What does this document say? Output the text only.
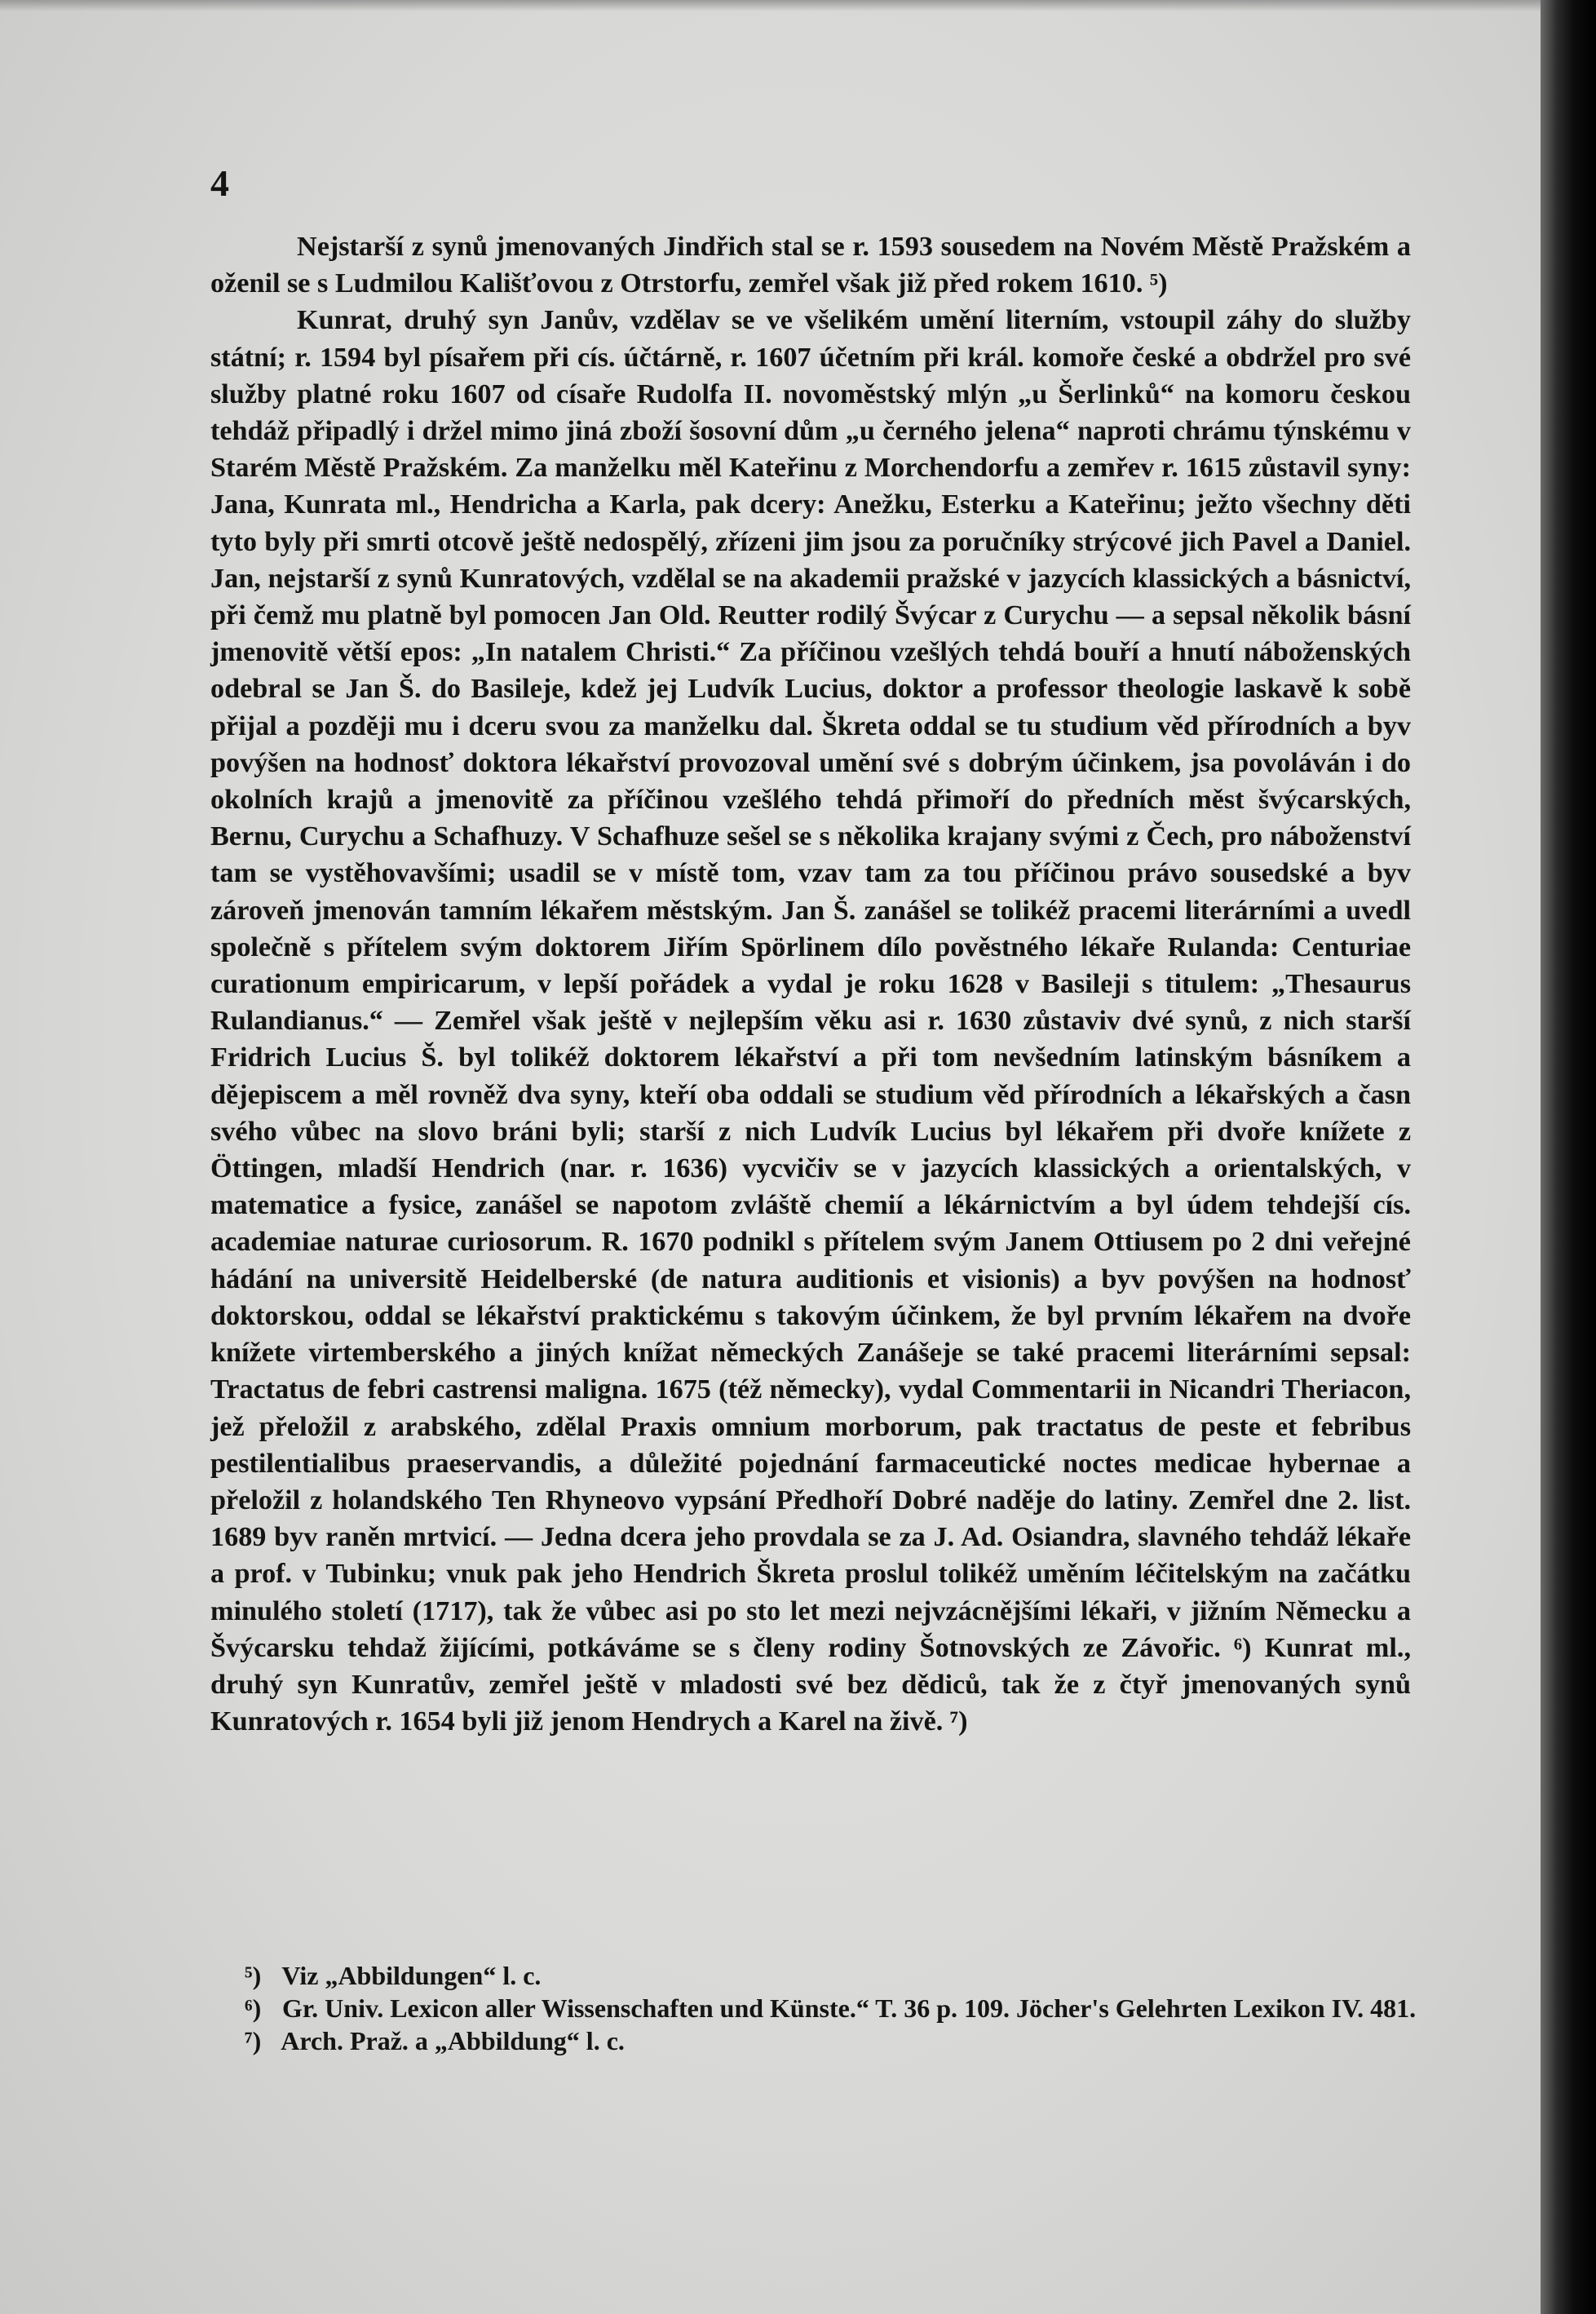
4

Nejstarší z synů jmenovaných Jindřich stal se r. 1593 sousedem na Novém Městě Pražském a oženil se s Ludmilou Kališťovou z Otrstorfu, zemřel však již před rokem 1610. ⁵)

Kunrat, druhý syn Janův, vzdělav se ve všelikém umění literním, vstoupil záhy do služby státní; r. 1594 byl písařem při cís. účtárně, r. 1607 účetním při král. komoře české a obdržel pro své služby platné roku 1607 od císaře Rudolfa II. novoměstský mlýn „u Šerlinků“ na komoru českou tehdáž připadlý i držel mimo jiná zboží šosovní dům „u černého jelena“ naproti chrámu týnskému v Starém Městě Pražském. Za manželku měl Kateřinu z Morchendorfu a zemřev r. 1615 zůstavil syny: Jana, Kunrata ml., Hendricha a Karla, pak dcery: Anežku, Esterku a Kateřinu; ježto všechny děti tyto byly při smrti otcově ještě nedospělý, zřízeni jim jsou za poručníky strýcové jich Pavel a Daniel. Jan, nejstarší z synů Kunratových, vzdělal se na akademii pražské v jazycích klassických a básnictví, při čemž mu platně byl pomocen Jan Old. Reutter rodilý Švýcar z Curychu — a sepsal několik básní jmenovitě větší epos: „In natalem Christi.“ Za příčinou vzešlých tehdá bouří a hnutí náboženských odebral se Jan Š. do Basileje, kdež jej Ludvík Lucius, doktor a professor theologie laskavě k sobě přijal a později mu i dceru svou za manželku dal. Škreta oddal se tu studium věd přírodních a byv povýšen na hodnosť doktora lékařství provozoval umění své s dobrým účinkem, jsa povoláván i do okolních krajů a jmenovitě za příčinou vzešlého tehdá přimoří do předních měst švýcarských, Bernu, Curychu a Schafhuzy. V Schafhuze sešel se s několika krajany svými z Čech, pro náboženství tam se vystěhovavšími; usadil se v místě tom, vzav tam za tou příčinou právo sousedské a byv zároveň jmenován tamním lékařem městským. Jan Š. zanášel se tolikéž pracemi literárními a uvedl společně s přítelem svým doktorem Jiřím Spörlinem dílo pověstného lékaře Rulanda: Centuriae curationum empiricarum, v lepší pořádek a vydal je roku 1628 v Basileji s titulem: „Thesaurus Rulandianus.“ — Zemřel však ještě v nejlepším věku asi r. 1630 zůstaviv dvé synů, z nich starší Fridrich Lucius Š. byl tolikéž doktorem lékařství a při tom nevšedním latinským básníkem a dějepiscem a měl rovněž dva syny, kteří oba oddali se studium věd přírodních a lékařských a časn svého vůbec na slovo bráni byli; starší z nich Ludvík Lucius byl lékařem při dvoře knížete z Öttingen, mladší Hendrich (nar. r. 1636) vycvičiv se v jazycích klassických a orientalských, v matematice a fysice, zanášel se napotom zvláště chemií a lékárnictvím a byl údem tehdejší cís. academiae naturae curiosorum. R. 1670 podnikl s přítelem svým Janem Ottiusem po 2 dni veřejné hádání na universitě Heidelberské (de natura auditionis et visionis) a byv povýšen na hodnosť doktorskou, oddal se lékařství praktickému s takovým účinkem, že byl prvním lékařem na dvoře knížete virtemberského a jiných knížat německých Zanášeje se také pracemi literárními sepsal: Tractatus de febri castrensi maligna. 1675 (též německy), vydal Commentarii in Nicandri Theriacon, jež přeložil z arabského, zdělal Praxis omnium morborum, pak tractatus de peste et febribus pestilentialibus praeservandis, a důležité pojednání farmaceutické noctes medicae hybernae a přeložil z holandského Ten Rhyneovo vypsání Předhoří Dobré naděje do latiny. Zemřel dne 2. list. 1689 byv raněn mrtvicí. — Jedna dcera jeho provdala se za J. Ad. Osiandra, slavného tehdáž lékaře a prof. v Tubinku; vnuk pak jeho Hendrich Škreta proslul tolikéž uměním léčitelským na začátku minulého století (1717), tak že vůbec asi po sto let mezi nejvzácnějšími lékaři, v jižním Německu a Švýcarsku tehdaž žijícími, potkáváme se s členy rodiny Šotnovských ze Závořic. ⁶) Kunrat ml., druhý syn Kunratův, zemřel ještě v mladosti své bez dědiců, tak že z čtyř jmenovaných synů Kunratových r. 1654 byli již jenom Hendrych a Karel na živě. ⁷)

⁵) Viz „Abbildungen“ l. c.

⁶) Gr. Univ. Lexicon aller Wissenschaften und Künste.“ T. 36 p. 109. Jöcher's Gelehrten Lexikon IV. 481.

⁷) Arch. Praž. a „Abbildung“ l. c.
